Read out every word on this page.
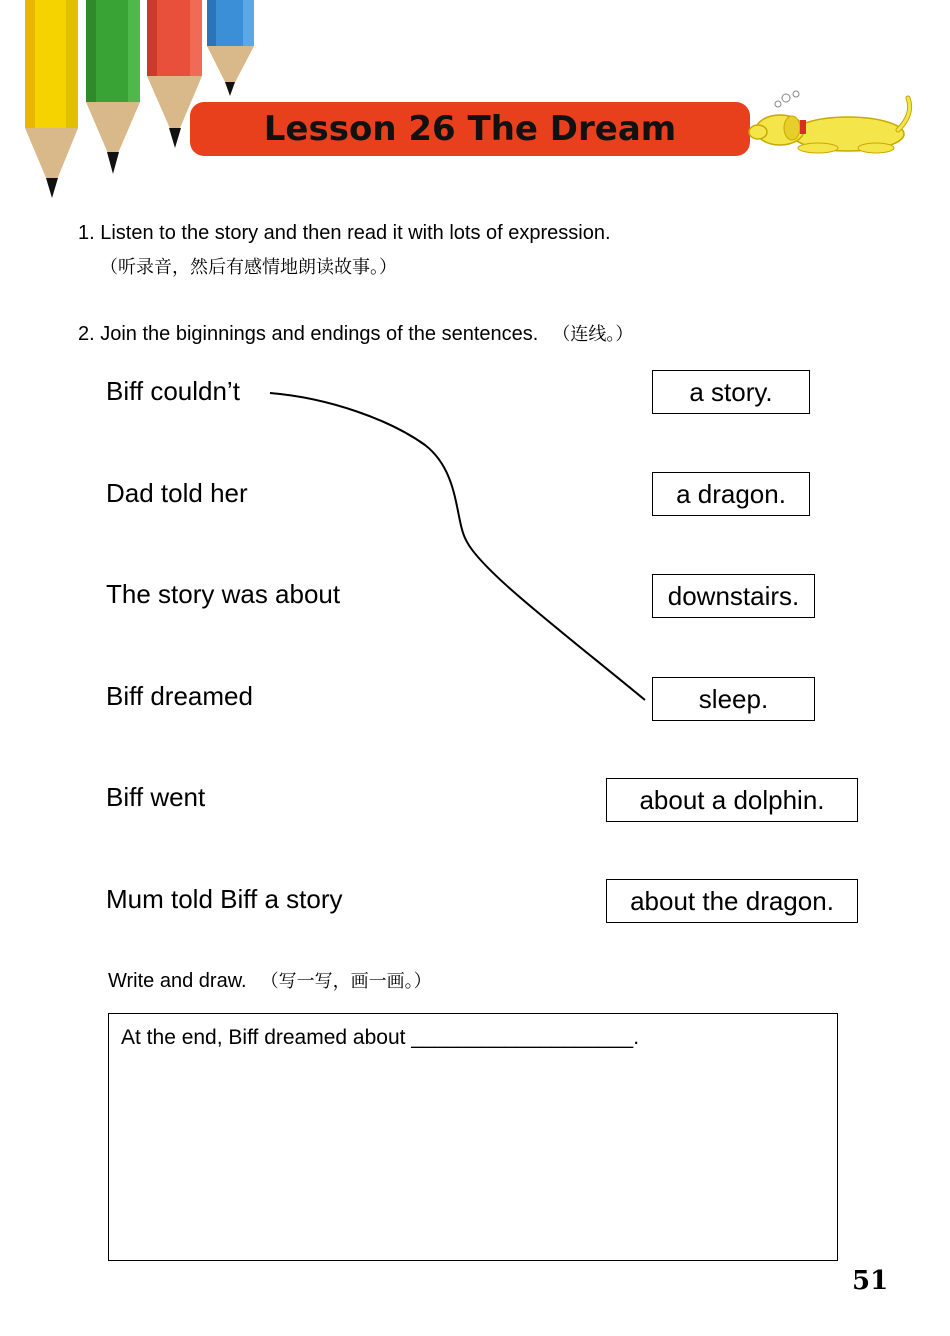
Lesson 26 The Dream
1. Listen to the story and then read it with lots of expression.
（听录音，然后有感情地朗读故事。）
2. Join the biginnings and endings of the sentences. （连线。）
Biff couldn’t
Dad told her
The story was about
Biff dreamed
Biff went
Mum told Biff a story
a story.
a dragon.
downstairs.
sleep.
about a dolphin.
about the dragon.
Write and draw. （写一写，画一画。）
At the end, Biff dreamed about ___________________.
51
